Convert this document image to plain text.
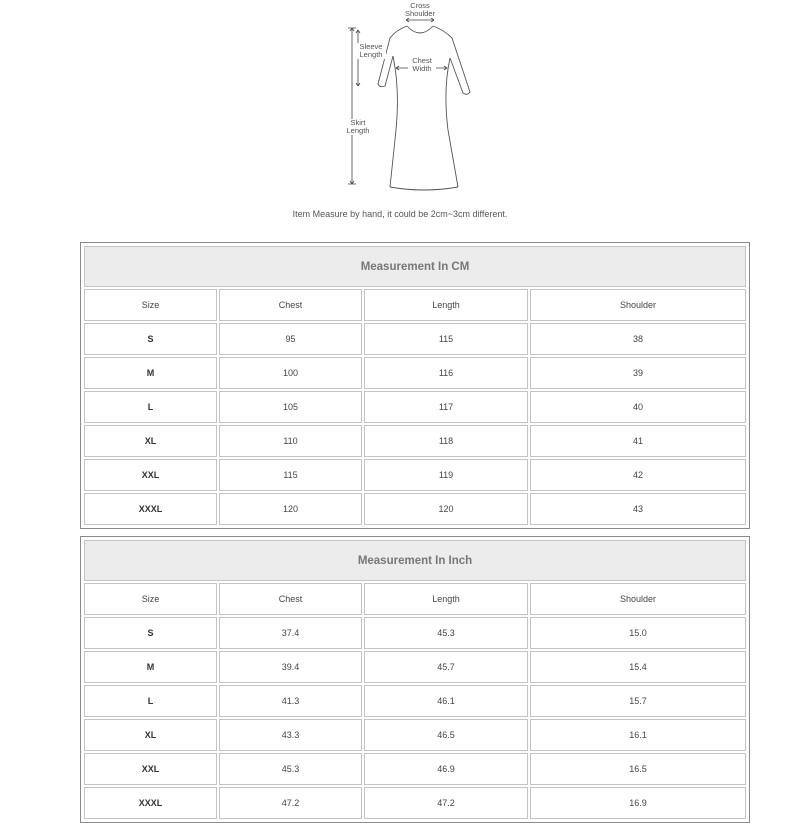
Cross
Shoulder
Sleeve
Length
Chest
Width
Skirt
Length
Item Measure by hand, it could be 2cm~3cm different.
Measurement In CM			
Size	Chest	Length	Shoulder
S	95	115	38
M	100	116	39
L	105	117	40
XL	110	118	41
XXL	115	119	42
XXXL	120	120	43
Measurement In Inch			
Size	Chest	Length	Shoulder
S	37.4	45.3	15.0
M	39.4	45.7	15.4
L	41.3	46.1	15.7
XL	43.3	46.5	16.1
XXL	45.3	46.9	16.5
XXXL	47.2	47.2	16.9
